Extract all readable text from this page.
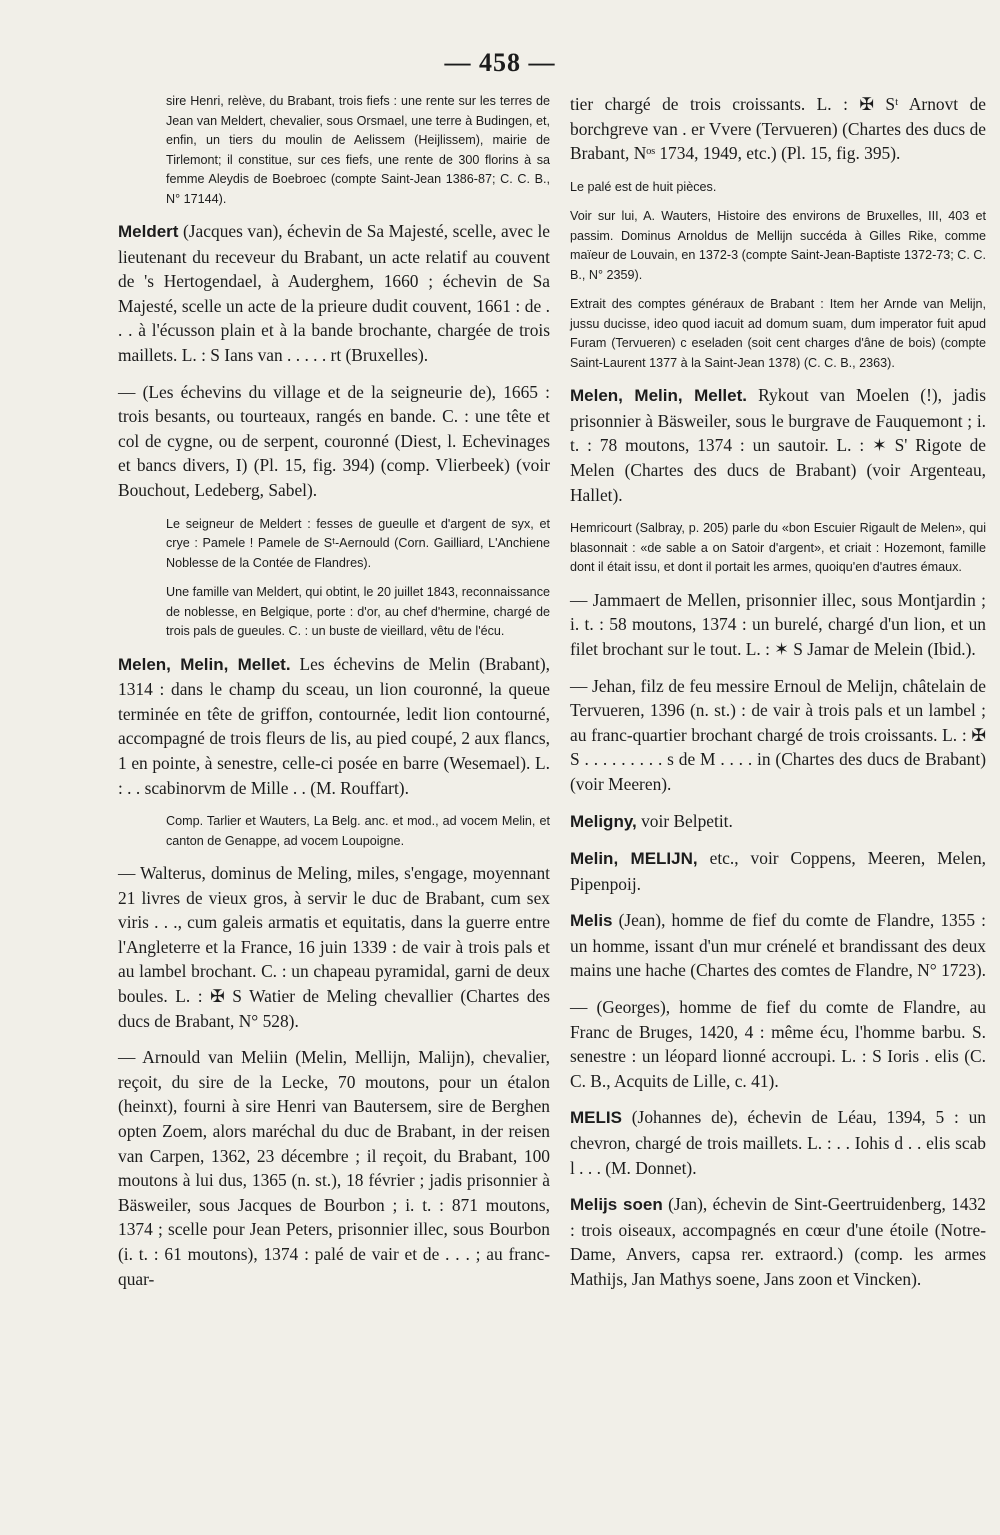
— 458 —

sire Henri, relève, du Brabant, trois fiefs : une rente sur les terres de Jean van Meldert, chevalier, sous Orsmael, une terre à Budingen, et, enfin, un tiers du moulin de Aelissem (Heijlissem), mairie de Tirlemont; il constitue, sur ces fiefs, une rente de 300 florins à sa femme Aleydis de Boebroec (compte Saint-Jean 1386-87; C. C. B., N° 17144).

Meldert (Jacques van), échevin de Sa Majesté, scelle, avec le lieutenant du receveur du Brabant, un acte relatif au couvent de 's Hertogendael, à Auderghem, 1660 ; échevin de Sa Majesté, scelle un acte de la prieure dudit couvent, 1661 : de . . . à l'écusson plain et à la bande brochante, chargée de trois maillets. L. : S Ians van . . . . . rt (Bruxelles).

— (Les échevins du village et de la seigneurie de), 1665 : trois besants, ou tourteaux, rangés en bande. C. : une tête et col de cygne, ou de serpent, couronné (Diest, l. Echevinages et bancs divers, I) (Pl. 15, fig. 394) (comp. Vlierbeek) (voir Bouchout, Ledeberg, Sabel).

Le seigneur de Meldert : fesses de gueulle et d'argent de syx, et crye : Pamele ! Pamele de Sᵗ-Aernould (Corn. Gailliard, L'Anchiene Noblesse de la Contée de Flandres).

Une famille van Meldert, qui obtint, le 20 juillet 1843, reconnaissance de noblesse, en Belgique, porte : d'or, au chef d'hermine, chargé de trois pals de gueules. C. : un buste de vieillard, vêtu de l'écu.

Melen, Melin, Mellet. Les échevins de Melin (Brabant), 1314 : dans le champ du sceau, un lion couronné, la queue terminée en tête de griffon, contournée, ledit lion contourné, accompagné de trois fleurs de lis, au pied coupé, 2 aux flancs, 1 en pointe, à senestre, celle-ci posée en barre (Wesemael). L. : . . scabinorvm de Mille . . (M. Rouffart).

Comp. Tarlier et Wauters, La Belg. anc. et mod., ad vocem Melin, et canton de Genappe, ad vocem Loupoigne.

— Walterus, dominus de Meling, miles, s'engage, moyennant 21 livres de vieux gros, à servir le duc de Brabant, cum sex viris . . ., cum galeis armatis et equitatis, dans la guerre entre l'Angleterre et la France, 16 juin 1339 : de vair à trois pals et au lambel brochant. C. : un chapeau pyramidal, garni de deux boules. L. : ✠ S Watier de Meling chevallier (Chartes des ducs de Brabant, N° 528).

— Arnould van Meliin (Melin, Mellijn, Malijn), chevalier, reçoit, du sire de la Lecke, 70 moutons, pour un étalon (heinxt), fourni à sire Henri van Bautersem, sire de Berghen opten Zoem, alors maréchal du duc de Brabant, in der reisen van Carpen, 1362, 23 décembre ; il reçoit, du Brabant, 100 moutons à lui dus, 1365 (n. st.), 18 février ; jadis prisonnier à Bäsweiler, sous Jacques de Bourbon ; i. t. : 871 moutons, 1374 ; scelle pour Jean Peters, prisonnier illec, sous Bourbon (i. t. : 61 moutons), 1374 : palé de vair et de . . . ; au franc-quar-

tier chargé de trois croissants. L. : ✠ Sᵗ Arnovt de borchgreve van . er Vvere (Tervueren) (Chartes des ducs de Brabant, Nᵒˢ 1734, 1949, etc.) (Pl. 15, fig. 395).

Le palé est de huit pièces.

Voir sur lui, A. Wauters, Histoire des environs de Bruxelles, III, 403 et passim. Dominus Arnoldus de Mellijn succéda à Gilles Rike, comme maïeur de Louvain, en 1372-3 (compte Saint-Jean-Baptiste 1372-73; C. C. B., N° 2359).

Extrait des comptes généraux de Brabant : Item her Arnde van Melijn, jussu ducisse, ideo quod iacuit ad domum suam, dum imperator fuit apud Furam (Tervueren) c eseladen (soit cent charges d'âne de bois) (compte Saint-Laurent 1377 à la Saint-Jean 1378) (C. C. B., 2363).

Melen, Melin, Mellet. Rykout van Moelen (!), jadis prisonnier à Bäsweiler, sous le burgrave de Fauquemont ; i. t. : 78 moutons, 1374 : un sautoir. L. : ✶ S' Rigote de Melen (Chartes des ducs de Brabant) (voir Argenteau, Hallet).

Hemricourt (Salbray, p. 205) parle du «bon Escuier Rigault de Melen», qui blasonnait : «de sable a on Satoir d'argent», et criait : Hozemont, famille dont il était issu, et dont il portait les armes, quoiqu'en d'autres émaux.

— Jammaert de Mellen, prisonnier illec, sous Montjardin ; i. t. : 58 moutons, 1374 : un burelé, chargé d'un lion, et un filet brochant sur le tout. L. : ✶ S Jamar de Melein (Ibid.).

— Jehan, filz de feu messire Ernoul de Melijn, châtelain de Tervueren, 1396 (n. st.) : de vair à trois pals et un lambel ; au franc-quartier brochant chargé de trois croissants. L. : ✠ S . . . . . . . . . s de M . . . . in (Chartes des ducs de Brabant) (voir Meeren).

Meligny, voir Belpetit.

Melin, MELIJN, etc., voir Coppens, Meeren, Melen, Pipenpoij.

Melis (Jean), homme de fief du comte de Flandre, 1355 : un homme, issant d'un mur crénelé et brandissant des deux mains une hache (Chartes des comtes de Flandre, N° 1723).

— (Georges), homme de fief du comte de Flandre, au Franc de Bruges, 1420, 4 : même écu, l'homme barbu. S. senestre : un léopard lionné accroupi. L. : S Ioris . elis (C. C. B., Acquits de Lille, c. 41).

MELIS (Johannes de), échevin de Léau, 1394, 5 : un chevron, chargé de trois maillets. L. : . . Iohis d . . elis scab l . . . (M. Donnet).

Melijs soen (Jan), échevin de Sint-Geertruidenberg, 1432 : trois oiseaux, accompagnés en cœur d'une étoile (Notre-Dame, Anvers, capsa rer. extraord.) (comp. les armes Mathijs, Jan Mathys soene, Jans zoon et Vincken).
